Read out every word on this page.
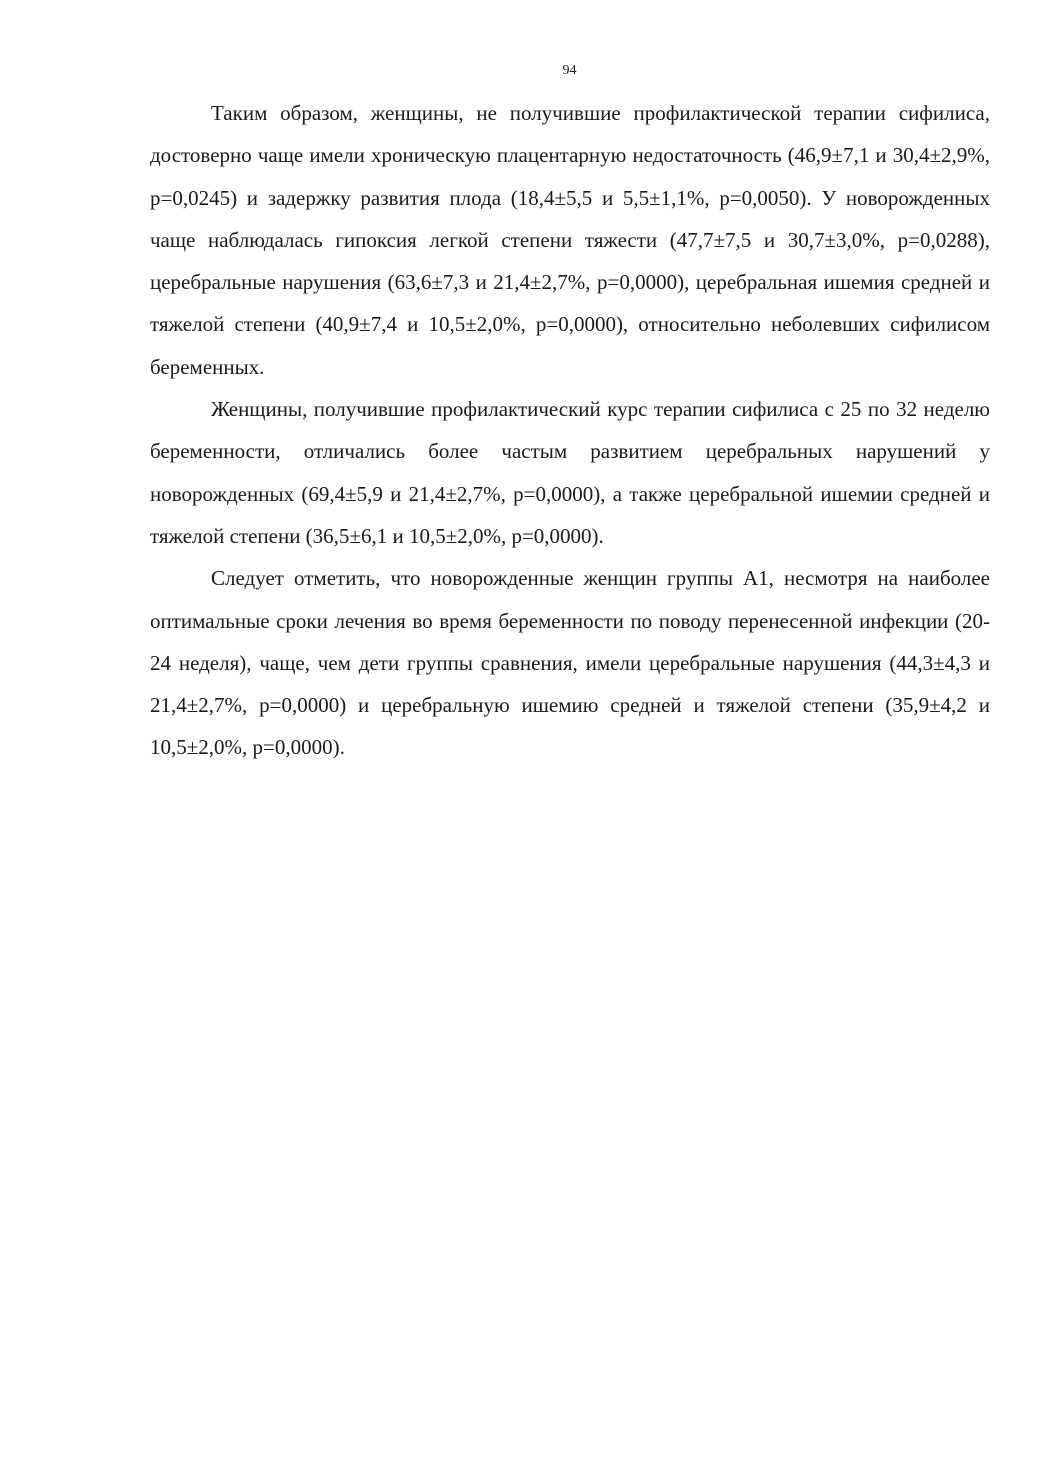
94

Таким образом, женщины, не получившие профилактической терапии сифилиса, достоверно чаще имели хроническую плацентарную недостаточность (46,9±7,1 и 30,4±2,9%, p=0,0245) и задержку развития плода (18,4±5,5 и 5,5±1,1%, p=0,0050). У новорожденных чаще наблюдалась гипоксия легкой степени тяжести (47,7±7,5 и 30,7±3,0%, p=0,0288), церебральные нарушения (63,6±7,3 и 21,4±2,7%, p=0,0000), церебральная ишемия средней и тяжелой степени (40,9±7,4 и 10,5±2,0%, p=0,0000), относительно неболевших сифилисом беременных.

Женщины, получившие профилактический курс терапии сифилиса с 25 по 32 неделю беременности, отличались более частым развитием церебральных нарушений у новорожденных (69,4±5,9 и 21,4±2,7%, p=0,0000), а также церебральной ишемии средней и тяжелой степени (36,5±6,1 и 10,5±2,0%, p=0,0000).

Следует отметить, что новорожденные женщин группы А1, несмотря на наиболее оптимальные сроки лечения во время беременности по поводу перенесенной инфекции (20-24 неделя), чаще, чем дети группы сравнения, имели церебральные нарушения (44,3±4,3 и 21,4±2,7%, p=0,0000) и церебральную ишемию средней и тяжелой степени (35,9±4,2 и 10,5±2,0%, p=0,0000).
